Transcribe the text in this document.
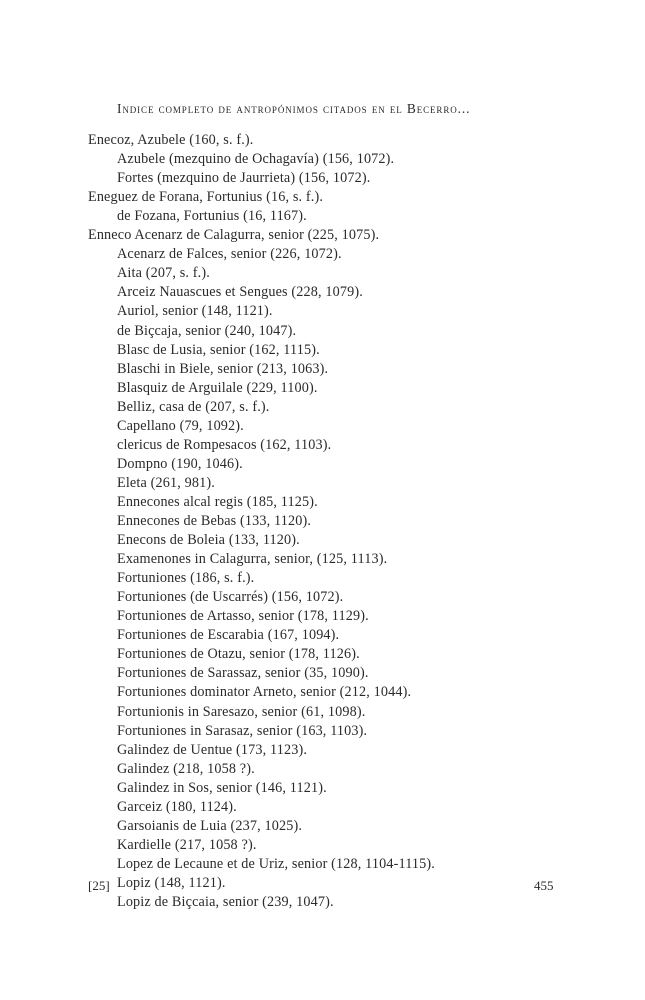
Indice completo de antropónimos citados en el Becerro...
Enecoz, Azubele (160, s. f.).
Azubele (mezquino de Ochagavía) (156, 1072).
Fortes (mezquino de Jaurrieta) (156, 1072).
Eneguez de Forana, Fortunius (16, s. f.).
de Fozana, Fortunius (16, 1167).
Enneco Acenarz de Calagurra, senior (225, 1075).
Acenarz de Falces, senior (226, 1072).
Aita (207, s. f.).
Arceiz Nauascues et Sengues (228, 1079).
Auriol, senior (148, 1121).
de Biçcaja, senior (240, 1047).
Blasc de Lusia, senior (162, 1115).
Blaschi in Biele, senior (213, 1063).
Blasquiz de Arguilale (229, 1100).
Belliz, casa de (207, s. f.).
Capellano (79, 1092).
clericus de Rompesacos (162, 1103).
Dompno (190, 1046).
Eleta (261, 981).
Ennecones alcal regis (185, 1125).
Ennecones de Bebas (133, 1120).
Enecons de Boleia (133, 1120).
Examenones in Calagurra, senior, (125, 1113).
Fortuniones (186, s. f.).
Fortuniones (de Uscarrés) (156, 1072).
Fortuniones de Artasso, senior (178, 1129).
Fortuniones de Escarabia (167, 1094).
Fortuniones de Otazu, senior (178, 1126).
Fortuniones de Sarassaz, senior (35, 1090).
Fortuniones dominator Arneto, senior (212, 1044).
Fortunionis in Saresazo, senior (61, 1098).
Fortuniones in Sarasaz, senior (163, 1103).
Galindez de Uentue (173, 1123).
Galindez (218, 1058 ?).
Galindez in Sos, senior (146, 1121).
Garceiz (180, 1124).
Garsoianis de Luia (237, 1025).
Kardielle (217, 1058 ?).
Lopez de Lecaune et de Uriz, senior (128, 1104-1115).
Lopiz (148, 1121).
Lopiz de Biçcaia, senior (239, 1047).
[25]	455
